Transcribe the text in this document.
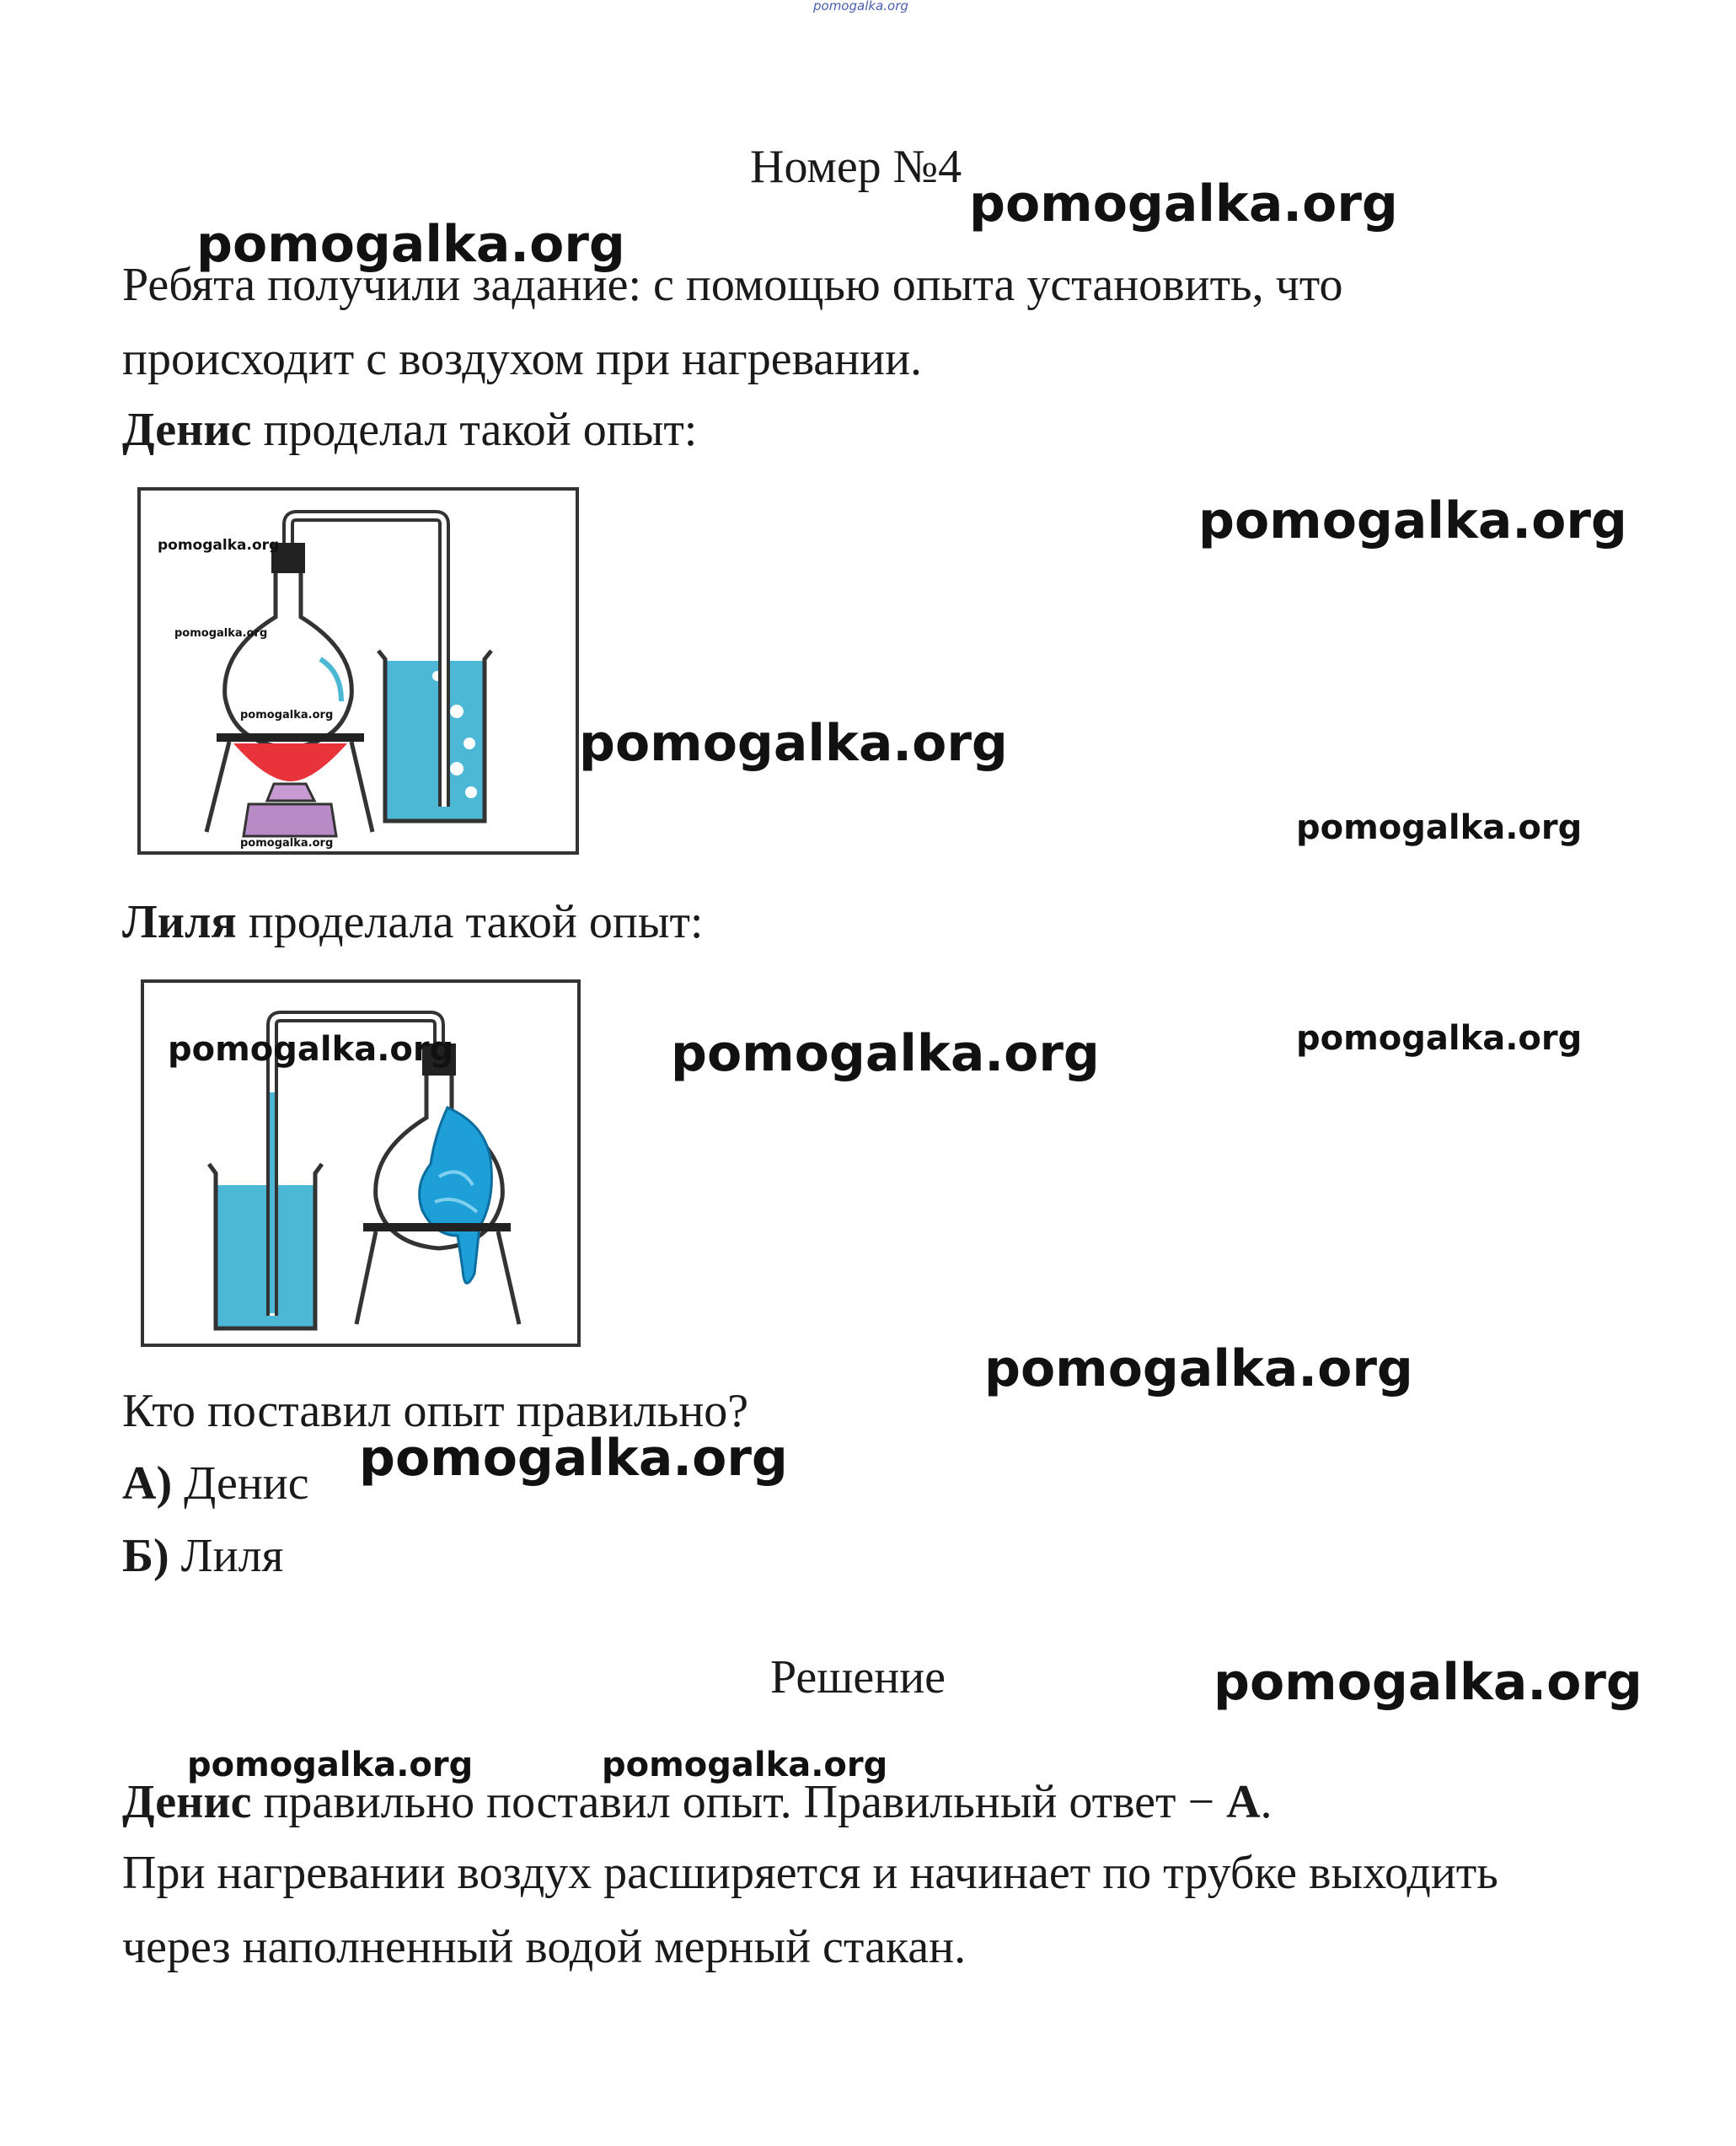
pomogalka.org
Номер №4
pomogalka.org
pomogalka.org
Ребята получили задание: с помощью опыта установить, что
происходит с воздухом при нагревании.
Денис проделал такой опыт:
pomogalka.org
pomogalka.org
pomogalka.org
pomogalka.org
pomogalka.org
pomogalka.org
pomogalka.org
Лиля проделала такой опыт:
pomogalka.org	pomogalka.org	pomogalka.org
pomogalka.org
Кто поставил опыт правильно?
А) Денис pomogalka.org
Б) Лиля
Решение	pomogalka.org
pomogalka.org	pomogalka.org
Денис правильно поставил опыт. Правильный ответ − А.
При нагревании воздух расширяется и начинает по трубке выходить
через наполненный водой мерный стакан.
